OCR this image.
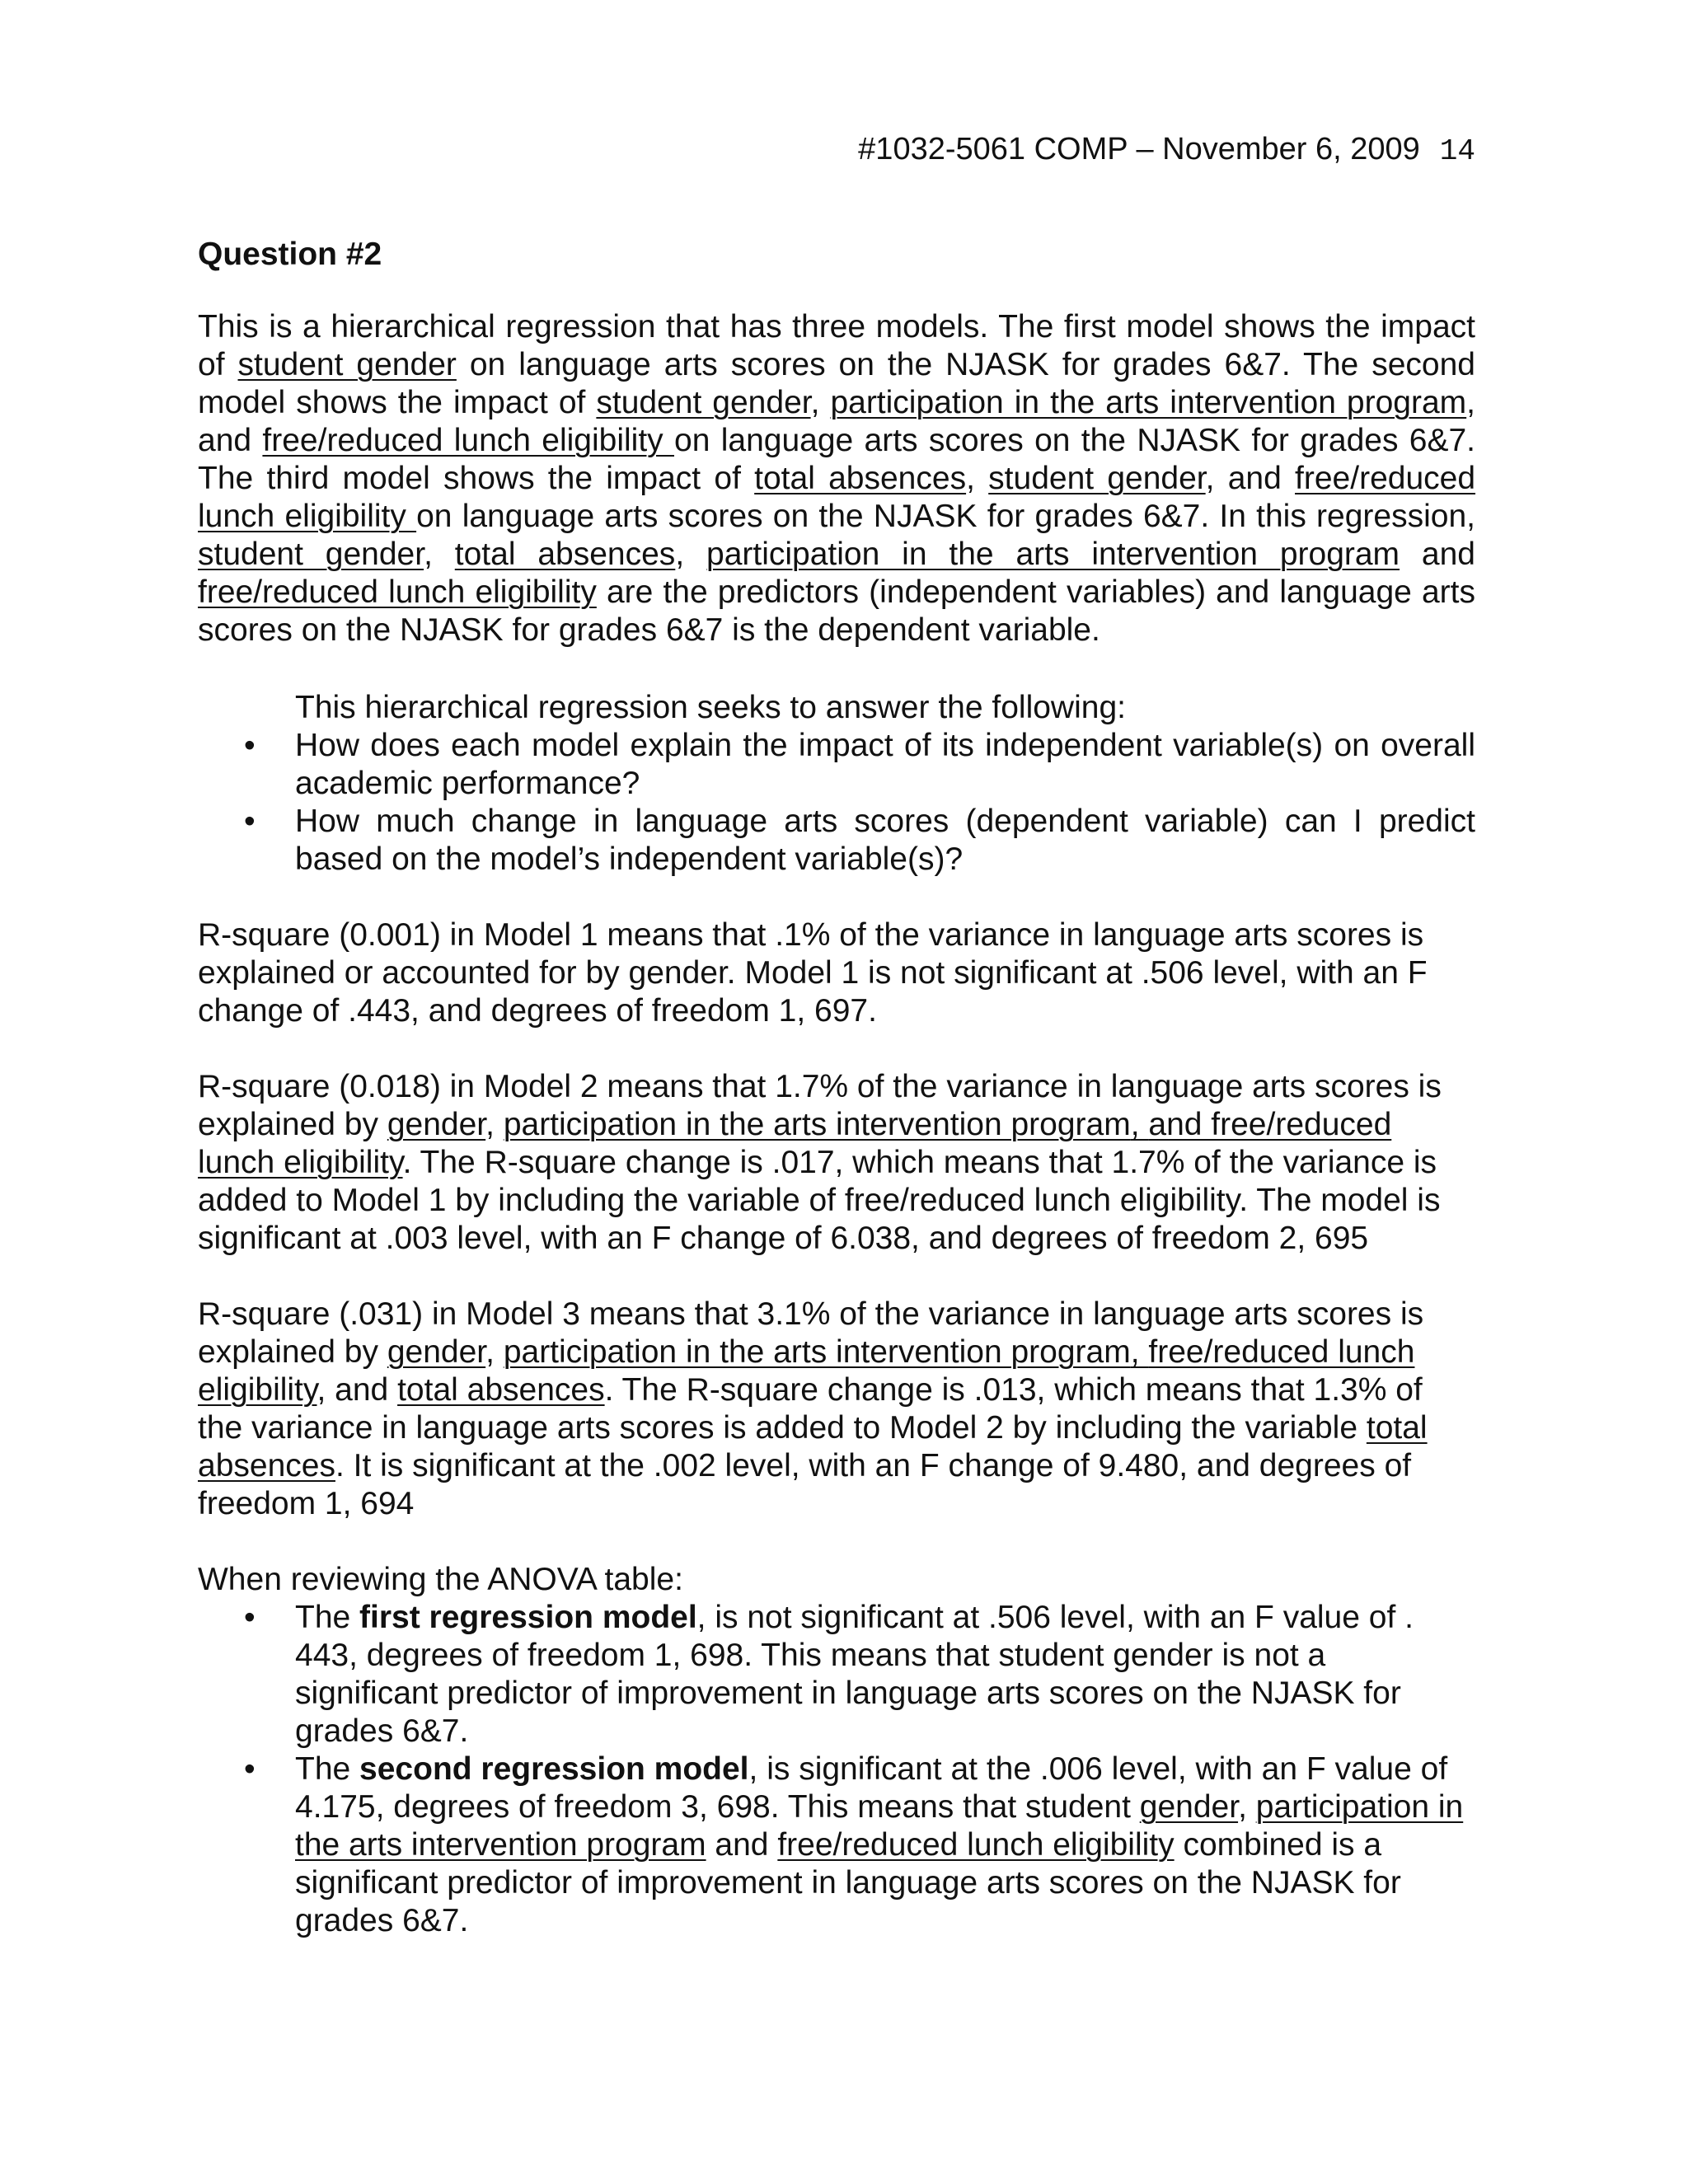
#1032-5061 COMP – November 6, 2009 14
Question #2
This is a hierarchical regression that has three models. The first model shows the impact of student gender on language arts scores on the NJASK for grades 6&7. The second model shows the impact of student gender, participation in the arts intervention program, and free/reduced lunch eligibility on language arts scores on the NJASK for grades 6&7. The third model shows the impact of total absences, student gender, and free/reduced lunch eligibility on language arts scores on the NJASK for grades 6&7. In this regression, student gender, total absences, participation in the arts intervention program and free/reduced lunch eligibility are the predictors (independent variables) and language arts scores on the NJASK for grades 6&7 is the dependent variable.
This hierarchical regression seeks to answer the following:
• How does each model explain the impact of its independent variable(s) on overall academic performance?
• How much change in language arts scores (dependent variable) can I predict based on the model’s independent variable(s)?
R-square (0.001) in Model 1 means that .1% of the variance in language arts scores is explained or accounted for by gender. Model 1 is not significant at .506 level, with an F change of .443, and degrees of freedom 1, 697.
R-square (0.018) in Model 2 means that 1.7% of the variance in language arts scores is explained by gender, participation in the arts intervention program, and free/reduced lunch eligibility. The R-square change is .017, which means that 1.7% of the variance is added to Model 1 by including the variable of free/reduced lunch eligibility. The model is significant at .003 level, with an F change of 6.038, and degrees of freedom 2, 695
R-square (.031) in Model 3 means that 3.1% of the variance in language arts scores is explained by gender, participation in the arts intervention program, free/reduced lunch eligibility, and total absences. The R-square change is .013, which means that 1.3% of the variance in language arts scores is added to Model 2 by including the variable total absences. It is significant at the .002 level, with an F change of 9.480, and degrees of freedom 1, 694
When reviewing the ANOVA table:
• The first regression model, is not significant at .506 level, with an F value of . 443, degrees of freedom 1, 698. This means that student gender is not a significant predictor of improvement in language arts scores on the NJASK for grades 6&7.
• The second regression model, is significant at the .006 level, with an F value of 4.175, degrees of freedom 3, 698. This means that student gender, participation in the arts intervention program and free/reduced lunch eligibility combined is a significant predictor of improvement in language arts scores on the NJASK for grades 6&7.
